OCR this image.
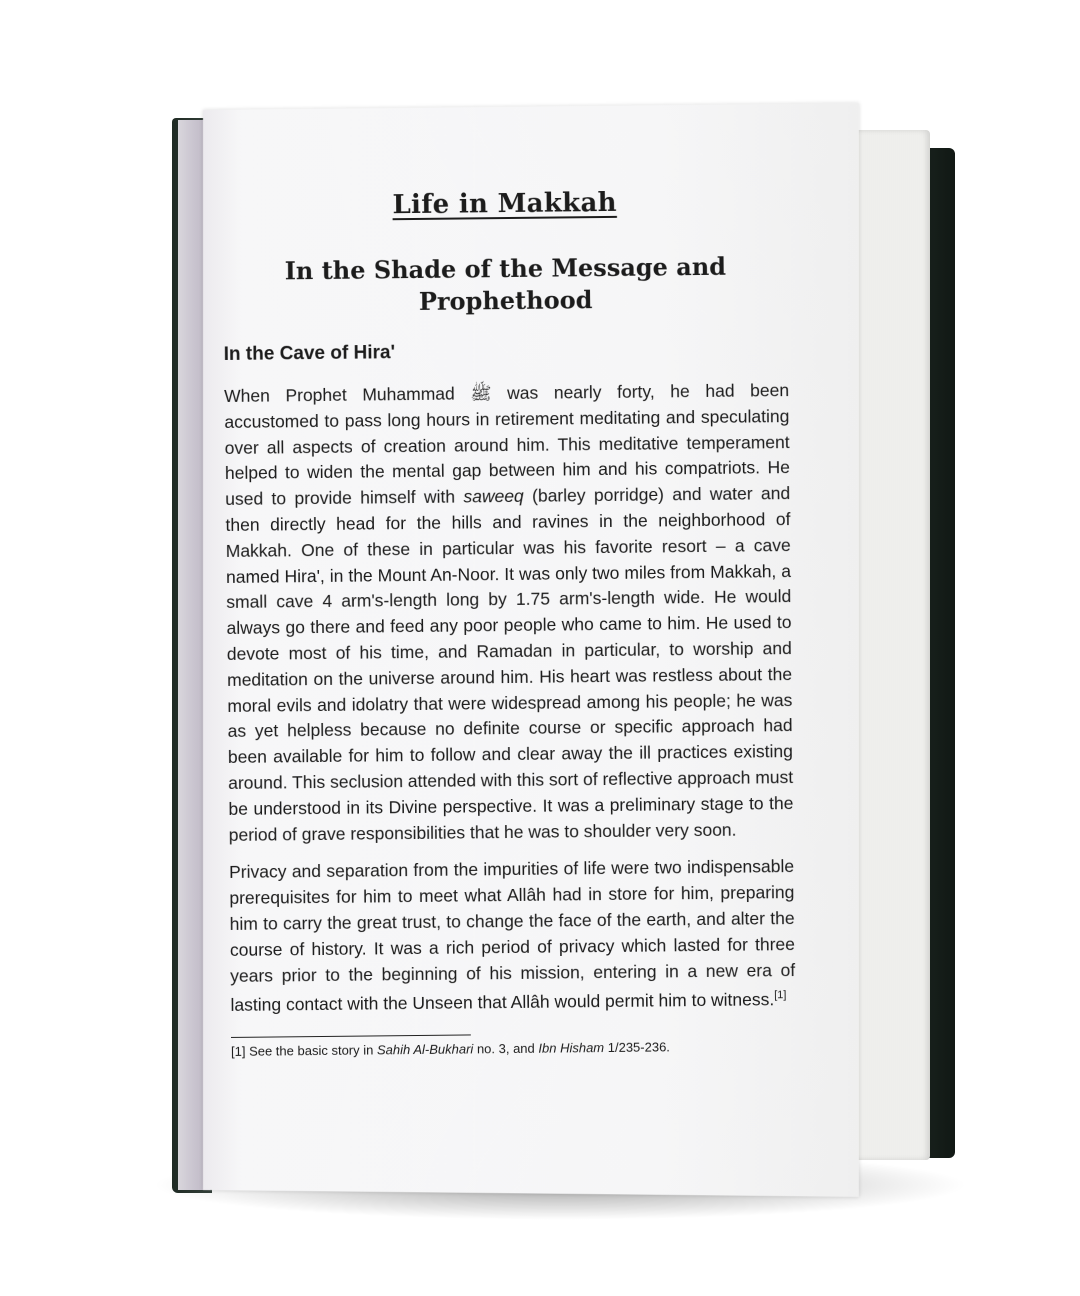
Life in Makkah
In the Shade of the Message and
Prophethood
In the Cave of Hira'

When Prophet Muhammad ﷺ was nearly forty, he had been accustomed to pass long hours in retirement meditating and speculating over all aspects of creation around him. This meditative temperament helped to widen the mental gap between him and his compatriots. He used to provide himself with saweeq (barley porridge) and water and then directly head for the hills and ravines in the neighborhood of Makkah. One of these in particular was his favorite resort – a cave named Hira', in the Mount An-Noor. It was only two miles from Makkah, a small cave 4 arm's-length long by 1.75 arm's-length wide. He would always go there and feed any poor people who came to him. He used to devote most of his time, and Ramadan in particular, to worship and meditation on the universe around him. His heart was restless about the moral evils and idolatry that were widespread among his people; he was as yet helpless because no definite course or specific approach had been available for him to follow and clear away the ill practices existing around. This seclusion attended with this sort of reflective approach must be understood in its Divine perspective. It was a preliminary stage to the period of grave responsibilities that he was to shoulder very soon.

Privacy and separation from the impurities of life were two indispensable prerequisites for him to meet what Allâh had in store for him, preparing him to carry the great trust, to change the face of the earth, and alter the course of history. It was a rich period of privacy which lasted for three years prior to the beginning of his mission, entering in a new era of lasting contact with the Unseen that Allâh would permit him to witness.[1]

[1] See the basic story in Sahih Al-Bukhari no. 3, and Ibn Hisham 1/235-236.
